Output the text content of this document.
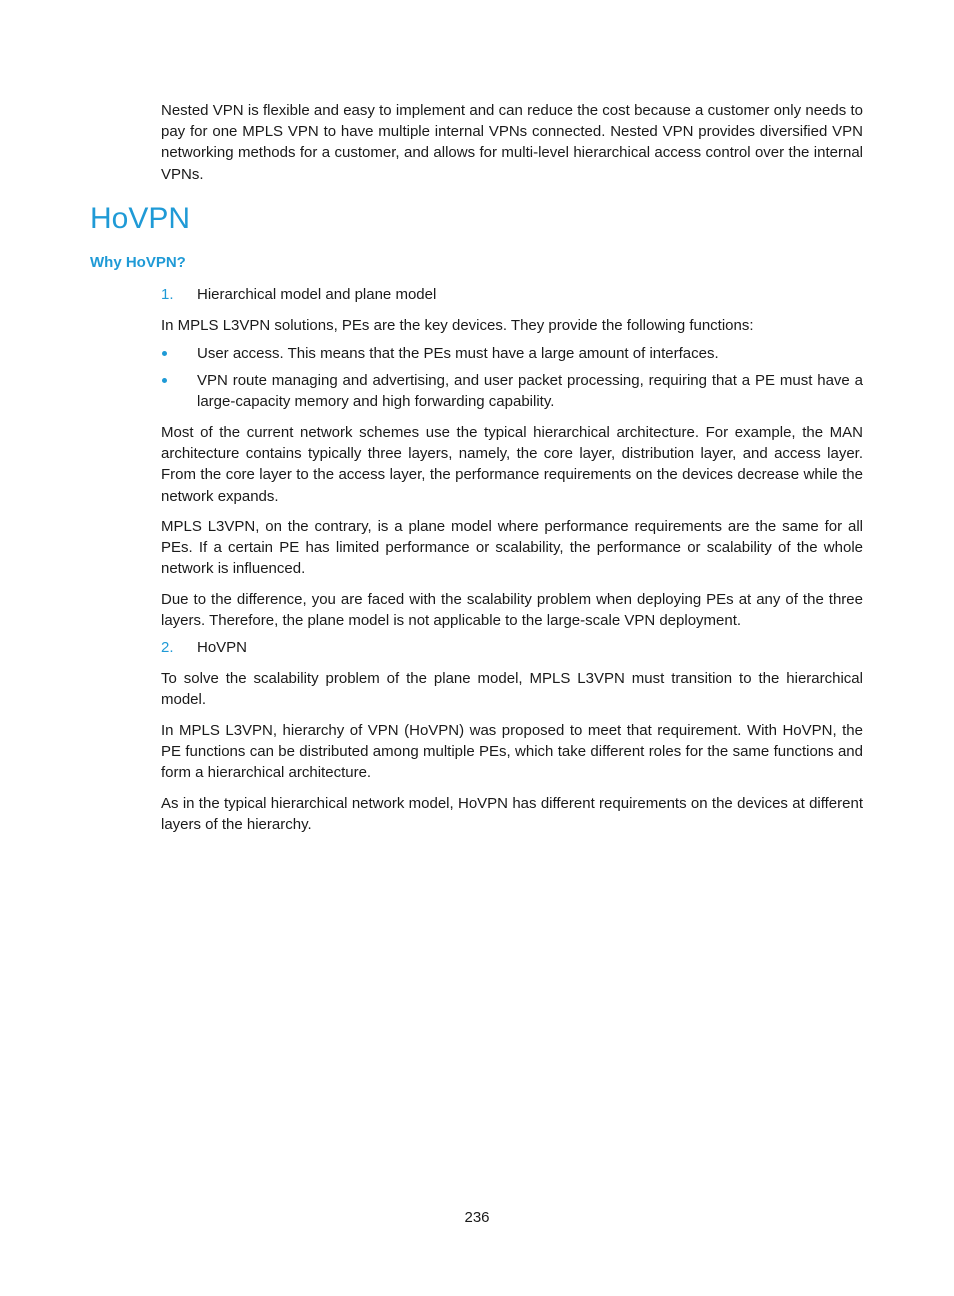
Nested VPN is flexible and easy to implement and can reduce the cost because a customer only needs to pay for one MPLS VPN to have multiple internal VPNs connected. Nested VPN provides diversified VPN networking methods for a customer, and allows for multi-level hierarchical access control over the internal VPNs.

HoVPN
Why HoVPN?
1. Hierarchical model and plane model

In MPLS L3VPN solutions, PEs are the key devices. They provide the following functions:

User access. This means that the PEs must have a large amount of interfaces.
VPN route managing and advertising, and user packet processing, requiring that a PE must have a large-capacity memory and high forwarding capability.

Most of the current network schemes use the typical hierarchical architecture. For example, the MAN architecture contains typically three layers, namely, the core layer, distribution layer, and access layer. From the core layer to the access layer, the performance requirements on the devices decrease while the network expands.

MPLS L3VPN, on the contrary, is a plane model where performance requirements are the same for all PEs. If a certain PE has limited performance or scalability, the performance or scalability of the whole network is influenced.

Due to the difference, you are faced with the scalability problem when deploying PEs at any of the three layers. Therefore, the plane model is not applicable to the large-scale VPN deployment.

2. HoVPN

To solve the scalability problem of the plane model, MPLS L3VPN must transition to the hierarchical model.

In MPLS L3VPN, hierarchy of VPN (HoVPN) was proposed to meet that requirement. With HoVPN, the PE functions can be distributed among multiple PEs, which take different roles for the same functions and form a hierarchical architecture.

As in the typical hierarchical network model, HoVPN has different requirements on the devices at different layers of the hierarchy.

236
